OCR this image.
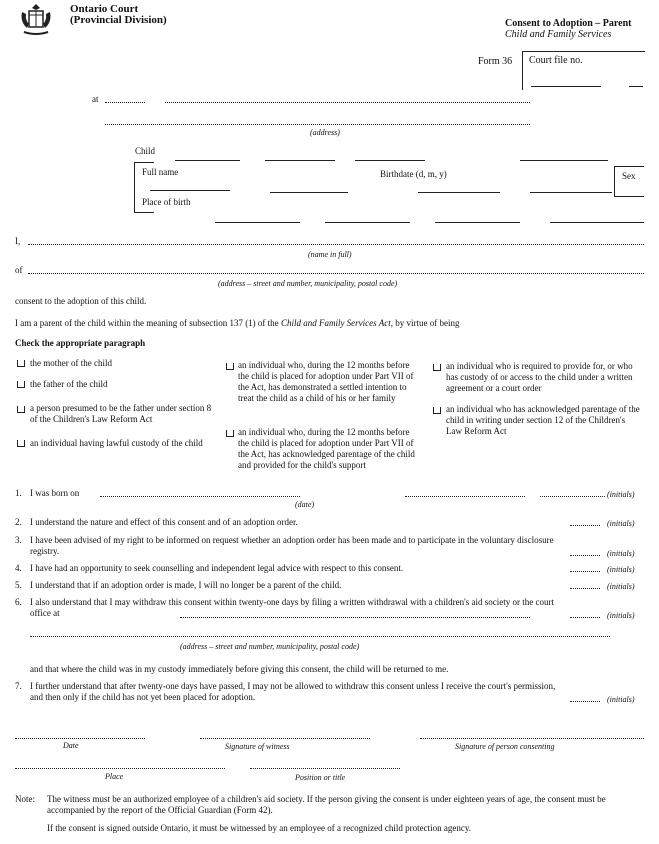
Ontario Court
(Provincial Division)	Consent to Adoption – Parent
Child and Family Services
Form 36 Court file no.
at
(address)
Child
Full name	Birthdate (d, m, y)	Sex
Place of birth
I,
(name in full)
of
(address – street and number, municipality, postal code)
consent to the adoption of this child.
I am a parent of the child within the meaning of subsection 137 (1) of the Child and Family Services Act, by virtue of being
Check the appropriate paragraph
the mother of the child
the father of the child
a person presumed to be the father under section 8 of the Children's Law Reform Act
an individual having lawful custody of the child
an individual who, during the 12 months before the child is placed for adoption under Part VII of the Act, has demonstrated a settled intention to treat the child as a child of his or her family
an individual who, during the 12 months before the child is placed for adoption under Part VII of the Act, has acknowledged parentage of the child and provided for the child's support
an individual who is required to provide for, or who has custody of or access to the child under a written agreement or a court order
an individual who has acknowledged parentage of the child in writing under section 12 of the Children's Law Reform Act
1. I was born on	(initials)
(date)
2. I understand the nature and effect of this consent and of an adoption order.	(initials)
3. I have been advised of my right to be informed on request whether an adoption order has been made and to participate in the voluntary disclosure registry.	(initials)
4. I have had an opportunity to seek counselling and independent legal advice with respect to this consent.	(initials)
5. I understand that if an adoption order is made, I will no longer be a parent of the child.	(initials)
6. I also understand that I may withdraw this consent within twenty-one days by filing a written withdrawal with a children's aid society or the court office at	(initials)
(address – street and number, municipality, postal code)
and that where the child was in my custody immediately before giving this consent, the child will be returned to me.
7. I further understand that after twenty-one days have passed, I may not be allowed to withdraw this consent unless I receive the court's permission, and then only if the child has not yet been placed for adoption.	(initials)
Date	Signature of witness	Signature of person consenting
Place	Position or title
Note: The witness must be an authorized employee of a children's aid society. If the person giving the consent is under eighteen years of age, the consent must be accompanied by the report of the Official Guardian (Form 42).
If the consent is signed outside Ontario, it must be witnessed by an employee of a recognized child protection agency.
